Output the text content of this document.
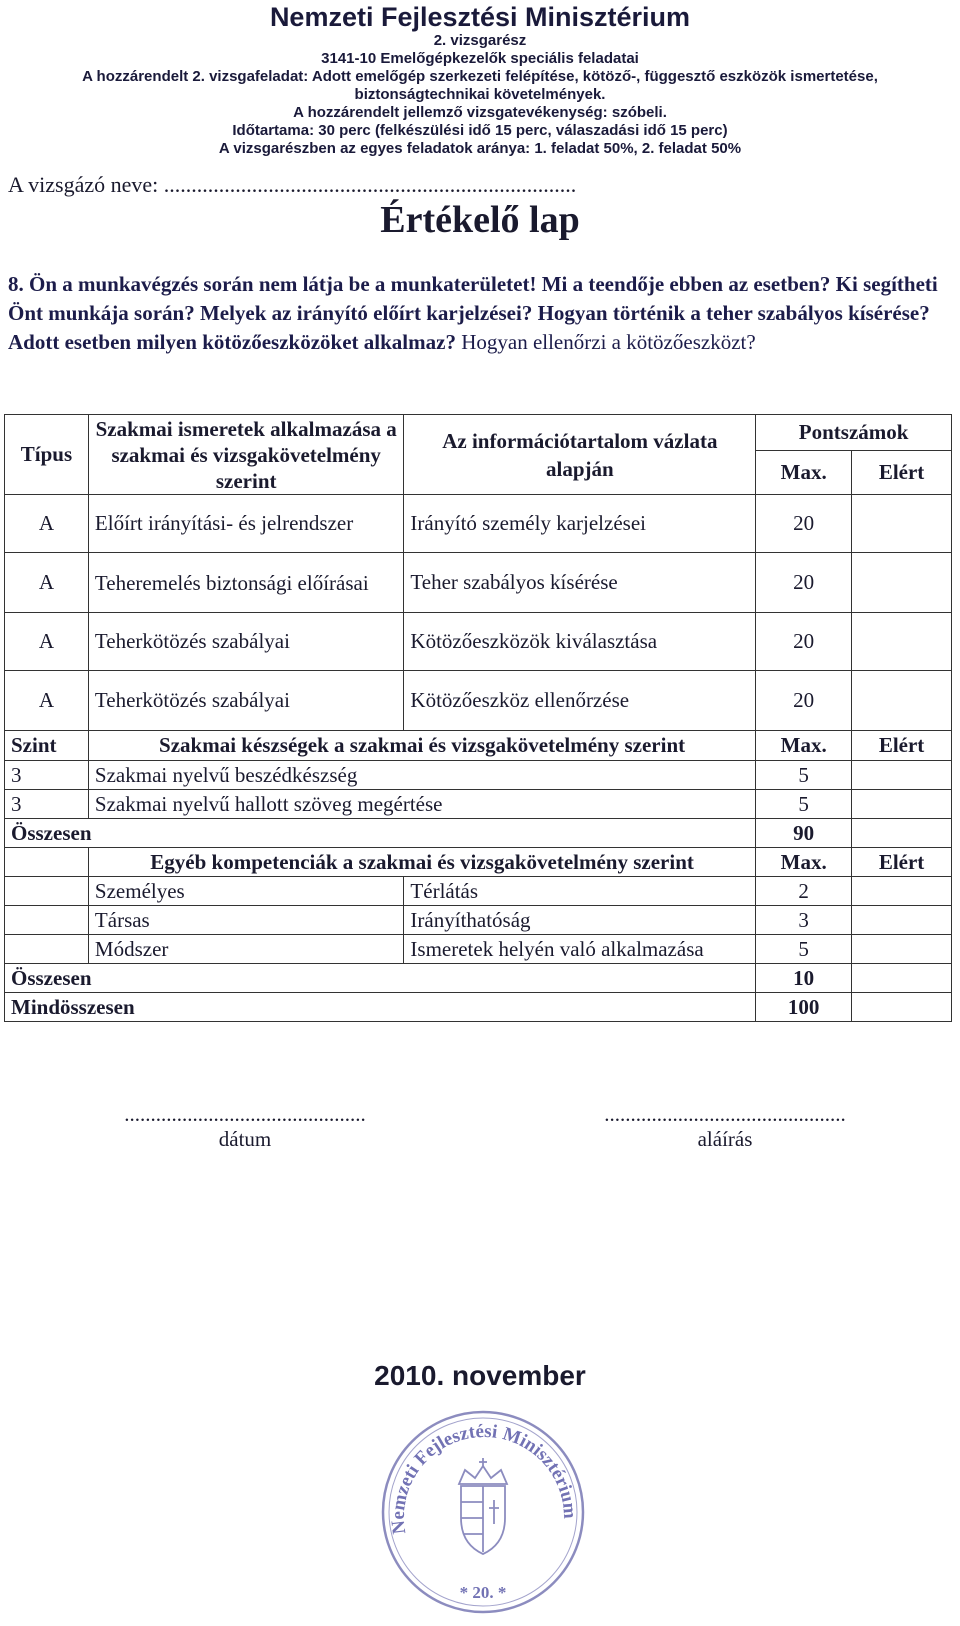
Nemzeti Fejlesztési Minisztérium
2. vizsgarész
3141-10 Emelőgépkezelők speciális feladatai
A hozzárendelt 2. vizsgafeladat: Adott emelőgép szerkezeti felépítése, kötöző-, függesztő eszközök ismertetése,
biztonságtechnikai követelmények.
A hozzárendelt jellemző vizsgatevékenység: szóbeli.
Időtartama: 30 perc (felkészülési idő 15 perc, válaszadási idő 15 perc)
A vizsgarészben az egyes feladatok aránya: 1. feladat 50%, 2. feladat 50%
A vizsgázó neve: ...........................................................................
Értékelő lap
8. Ön a munkavégzés során nem látja be a munkaterületet! Mi a teendője ebben az esetben? Ki segítheti Önt munkája során? Melyek az irányító előírt karjelzései? Hogyan történik a teher szabályos kísérése? Adott esetben milyen kötözőeszközöket alkalmaz? Hogyan ellenőrzi a kötözőeszközt?
Típus	Szakmai ismeretek alkalmazása a szakmai és vizsgakövetelmény szerint	Az információtartalom vázlata alapján	Pontszámok	
			Max.	Elért
A	Előírt irányítási- és jelrendszer	Irányító személy karjelzései	20	
A	Teheremelés biztonsági előírásai	Teher szabályos kísérése	20	
A	Teherkötözés szabályai	Kötözőeszközök kiválasztása	20	
A	Teherkötözés szabályai	Kötözőeszköz ellenőrzése	20	
Szint	Szakmai készségek a szakmai és vizsgakövetelmény szerint		Max.	Elért
3	Szakmai nyelvű beszédkészség		5	
3	Szakmai nyelvű hallott szöveg megértése		5	
Összesen			90	
	Egyéb kompetenciák a szakmai és vizsgakövetelmény szerint		Max.	Elért
	Személyes	Térlátás	2	
	Társas	Irányíthatóság	3	
	Módszer	Ismeretek helyén való alkalmazása	5	
Összesen			10	
Mindösszesen			100	
..............................................
dátum
..............................................
aláírás
2010. november
Nemzeti Fejlesztési Minisztérium
* 20. *
